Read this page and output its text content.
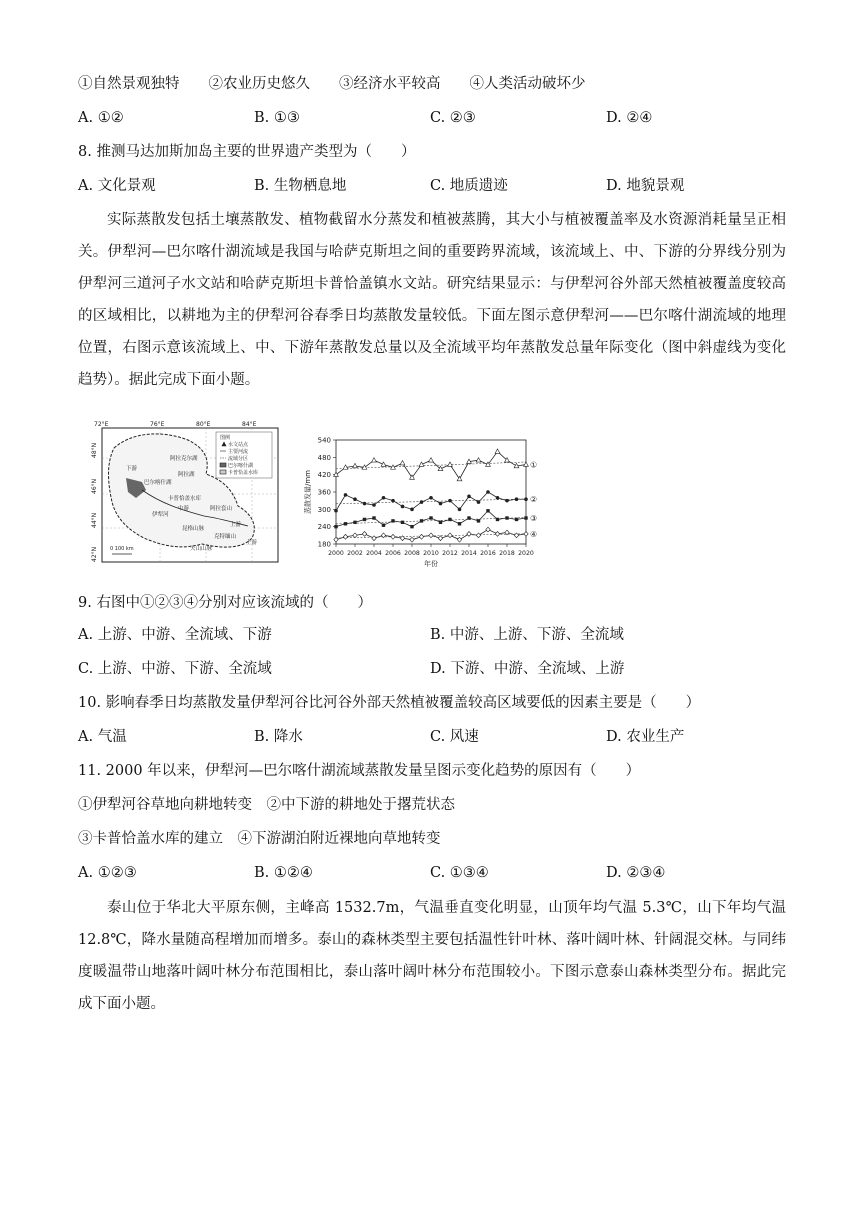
①自然景观独特　　②农业历史悠久　　③经济水平较高　　④人类活动破坏少
A. ①②	B. ①③	C. ②③	D. ②④
8. 推测马达加斯加岛主要的世界遗产类型为（　　）
A. 文化景观	B. 生物栖息地	C. 地质遗迹	D. 地貌景观
实际蒸散发包括土壤蒸散发、植物截留水分蒸发和植被蒸腾，其大小与植被覆盖率及水资源消耗量呈正相关。伊犁河—巴尔喀什湖流域是我国与哈萨克斯坦之间的重要跨界流域，该流域上、中、下游的分界线分别为伊犁河三道河子水文站和哈萨克斯坦卡普恰盖镇水文站。研究结果显示：与伊犁河谷外部天然植被覆盖度较高的区域相比，以耕地为主的伊犁河谷春季日均蒸散发量较低。下面左图示意伊犁河——巴尔喀什湖流域的地理位置，右图示意该流域上、中、下游年蒸散发总量以及全流域平均年蒸散发总量年际变化（图中斜虚线为变化趋势）。据此完成下面小题。
72°E	76°E	80°E	84°E
48°N
46°N
44°N
42°N
下游
阿拉克尔湖
阿拉湖
巴尔喀什湖
卡普恰盖水库
中游
伊犁河
阿拉套山
上游
昆格山脉
天山山脉
克特缅山
上游
图例
水文站点
主要河流
流域分区
巴尔喀什湖
卡普恰盖水库
0 100 km
180
240
300
360
420
480
540
2000 2002 2004 2006 2008 2010 2012 2014 2016 2018 2020
蒸散发量/mm
年份
①
②
③
④
9. 右图中①②③④分别对应该流域的（　　）
A. 上游、中游、全流域、下游	B. 中游、上游、下游、全流域
C. 上游、中游、下游、全流域	D. 下游、中游、全流域、上游
10. 影响春季日均蒸散发量伊犁河谷比河谷外部天然植被覆盖较高区域要低的因素主要是（　　）
A. 气温	B. 降水	C. 风速	D. 农业生产
11. 2000 年以来，伊犁河—巴尔喀什湖流域蒸散发量呈图示变化趋势的原因有（　　）
①伊犁河谷草地向耕地转变　②中下游的耕地处于撂荒状态
③卡普恰盖水库的建立　④下游湖泊附近裸地向草地转变
A. ①②③	B. ①②④	C. ①③④	D. ②③④
泰山位于华北大平原东侧，主峰高 1532.7m，气温垂直变化明显，山顶年均气温 5.3℃，山下年均气温 12.8℃，降水量随高程增加而增多。泰山的森林类型主要包括温性针叶林、落叶阔叶林、针阔混交林。与同纬度暖温带山地落叶阔叶林分布范围相比，泰山落叶阔叶林分布范围较小。下图示意泰山森林类型分布。据此完成下面小题。
